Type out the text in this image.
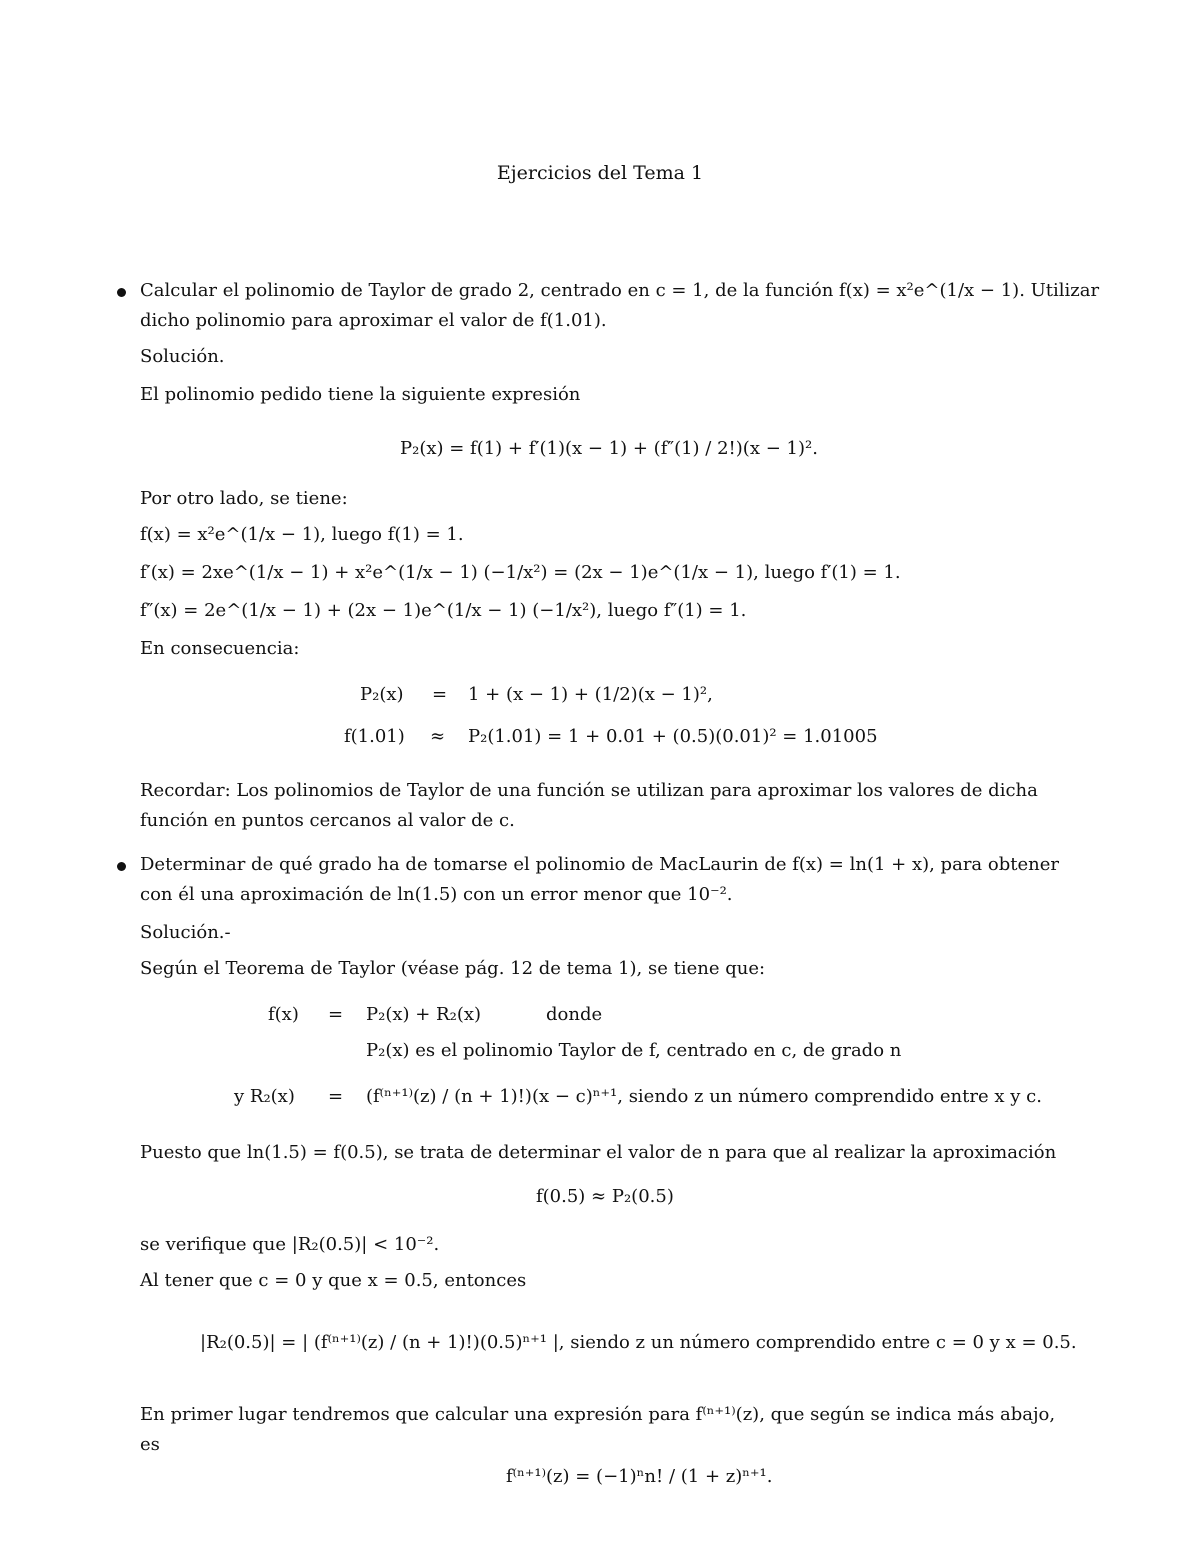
Ejercicios del Tema 1
Calcular el polinomio de Taylor de grado 2, centrado en c = 1, de la función f(x) = x²e^(1/x − 1). Utilizar
dicho polinomio para aproximar el valor de f(1.01).
Solución.
El polinomio pedido tiene la siguiente expresión
P₂(x) = f(1) + f′(1)(x − 1) + (f″(1) / 2!)(x − 1)².
Por otro lado, se tiene:
f(x) = x²e^(1/x − 1), luego f(1) = 1.
f′(x) = 2xe^(1/x − 1) + x²e^(1/x − 1) (−1/x²) = (2x − 1)e^(1/x − 1), luego f′(1) = 1.
f″(x) = 2e^(1/x − 1) + (2x − 1)e^(1/x − 1) (−1/x²), luego f″(1) = 1.
En consecuencia:
P₂(x) = 1 + (x − 1) + (1/2)(x − 1)²,
f(1.01) ≈ P₂(1.01) = 1 + 0.01 + (0.5)(0.01)² = 1.01005
Recordar: Los polinomios de Taylor de una función se utilizan para aproximar los valores de dicha
función en puntos cercanos al valor de c.
Determinar de qué grado ha de tomarse el polinomio de MacLaurin de f(x) = ln(1 + x), para obtener
con él una aproximación de ln(1.5) con un error menor que 10⁻².
Solución.-
Según el Teorema de Taylor (véase pág. 12 de tema 1), se tiene que:
f(x) = P₂(x) + R₂(x)	donde
P₂(x) es el polinomio Taylor de f, centrado en c, de grado n
y R₂(x) = (f⁽ⁿ⁺¹⁾(z) / (n + 1)!)(x − c)ⁿ⁺¹, siendo z un número comprendido entre x y c.
Puesto que ln(1.5) = f(0.5), se trata de determinar el valor de n para que al realizar la aproximación
f(0.5) ≈ P₂(0.5)
se verifique que |R₂(0.5)| < 10⁻².
Al tener que c = 0 y que x = 0.5, entonces
|R₂(0.5)| = | (f⁽ⁿ⁺¹⁾(z) / (n + 1)!)(0.5)ⁿ⁺¹ |, siendo z un número comprendido entre c = 0 y x = 0.5.
En primer lugar tendremos que calcular una expresión para f⁽ⁿ⁺¹⁾(z), que según se indica más abajo,
es
f⁽ⁿ⁺¹⁾(z) = (−1)ⁿn! / (1 + z)ⁿ⁺¹.
